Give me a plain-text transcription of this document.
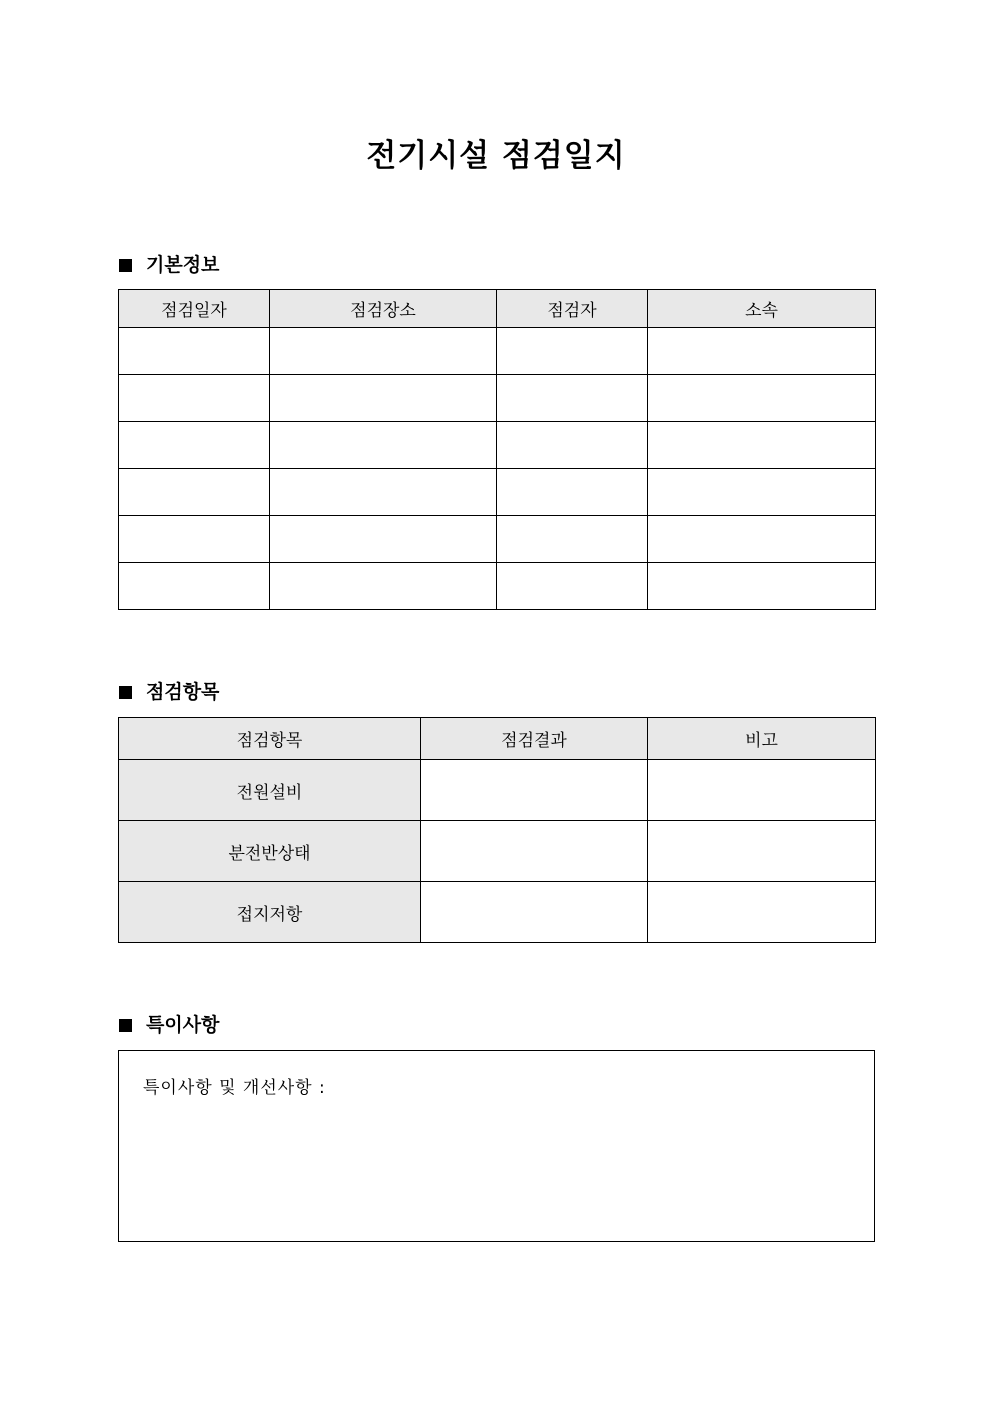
전기시설 점검일지
기본정보
점검일자	점검장소	점검자	소속

점검항목
점검항목	점검결과	비고
전원설비		
분전반상태		
접지저항		
특이사항
특이사항 및 개선사항 :
